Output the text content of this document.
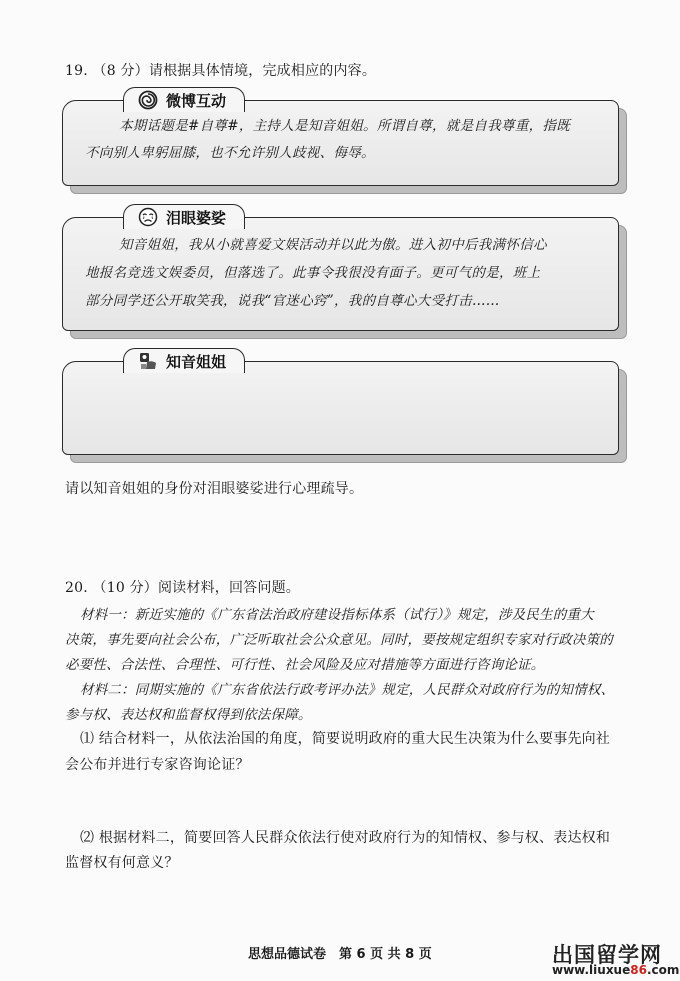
19. （8 分）请根据具体情境，完成相应的内容。
微博互动
本期话题是#自尊#，主持人是知音姐姐。所谓自尊，就是自我尊重，指既
不向别人卑躬屈膝，也不允许别人歧视、侮辱。
泪眼婆娑
知音姐姐，我从小就喜爱文娱活动并以此为傲。进入初中后我满怀信心
地报名竞选文娱委员，但落选了。此事令我很没有面子。更可气的是，班上
部分同学还公开取笑我，说我“官迷心窍”，我的自尊心大受打击……
知音姐姐
请以知音姐姐的身份对泪眼婆娑进行心理疏导。
20. （10 分）阅读材料，回答问题。
材料一：新近实施的《广东省法治政府建设指标体系（试行）》规定，涉及民生的重大
决策，事先要向社会公布，广泛听取社会公众意见。同时，要按规定组织专家对行政决策的
必要性、合法性、合理性、可行性、社会风险及应对措施等方面进行咨询论证。
材料二：同期实施的《广东省依法行政考评办法》规定，人民群众对政府行为的知情权、
参与权、表达权和监督权得到依法保障。
⑴ 结合材料一，从依法治国的角度，简要说明政府的重大民生决策为什么要事先向社
会公布并进行专家咨询论证？
⑵ 根据材料二，简要回答人民群众依法行使对政府行为的知情权、参与权、表达权和
监督权有何意义？
思想品德试卷　第 6 页 共 8 页	出国留学网
www.liuxue86.com
